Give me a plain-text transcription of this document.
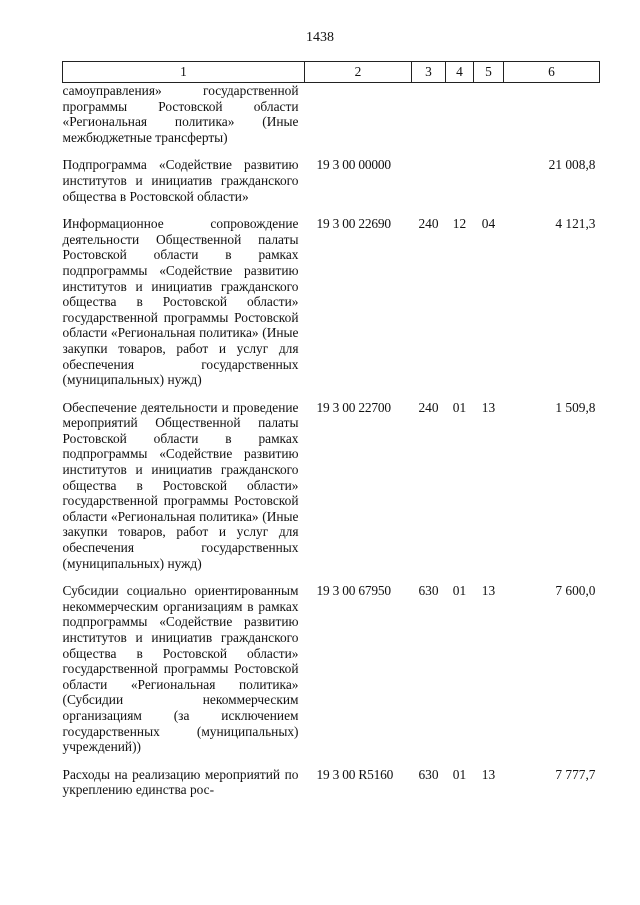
1438
1	2	3	4	5	6
самоуправления» государственной программы Ростовской области «Региональная политика» (Иные межбюджетные трансферты)					

Подпрограмма «Содействие развитию институтов и инициатив гражданского общества в Ростовской области»	19 3 00 00000				21 008,8

Информационное сопровождение деятельности Общественной палаты Ростовской области в рамках подпрограммы «Содействие развитию институтов и инициатив гражданского общества в Ростовской области» государственной программы Ростовской области «Региональная политика» (Иные закупки товаров, работ и услуг для обеспечения государственных (муниципальных) нужд)	19 3 00 22690	240	12	04	4 121,3

Обеспечение деятельности и проведение мероприятий Общественной палаты Ростовской области в рамках подпрограммы «Содействие развитию институтов и инициатив гражданского общества в Ростовской области» государственной программы Ростовской области «Региональная политика» (Иные закупки товаров, работ и услуг для обеспечения государственных (муниципальных) нужд)	19 3 00 22700	240	01	13	1 509,8

Субсидии социально ориентированным некоммерческим организациям в рамках подпрограммы «Содействие развитию институтов и инициатив гражданского общества в Ростовской области» государственной программы Ростовской области «Региональная политика» (Субсидии некоммерческим организациям (за исключением государственных (муниципальных) учреждений))	19 3 00 67950	630	01	13	7 600,0

Расходы на реализацию мероприятий по укреплению единства рос-	19 3 00 R5160	630	01	13	7 777,7
